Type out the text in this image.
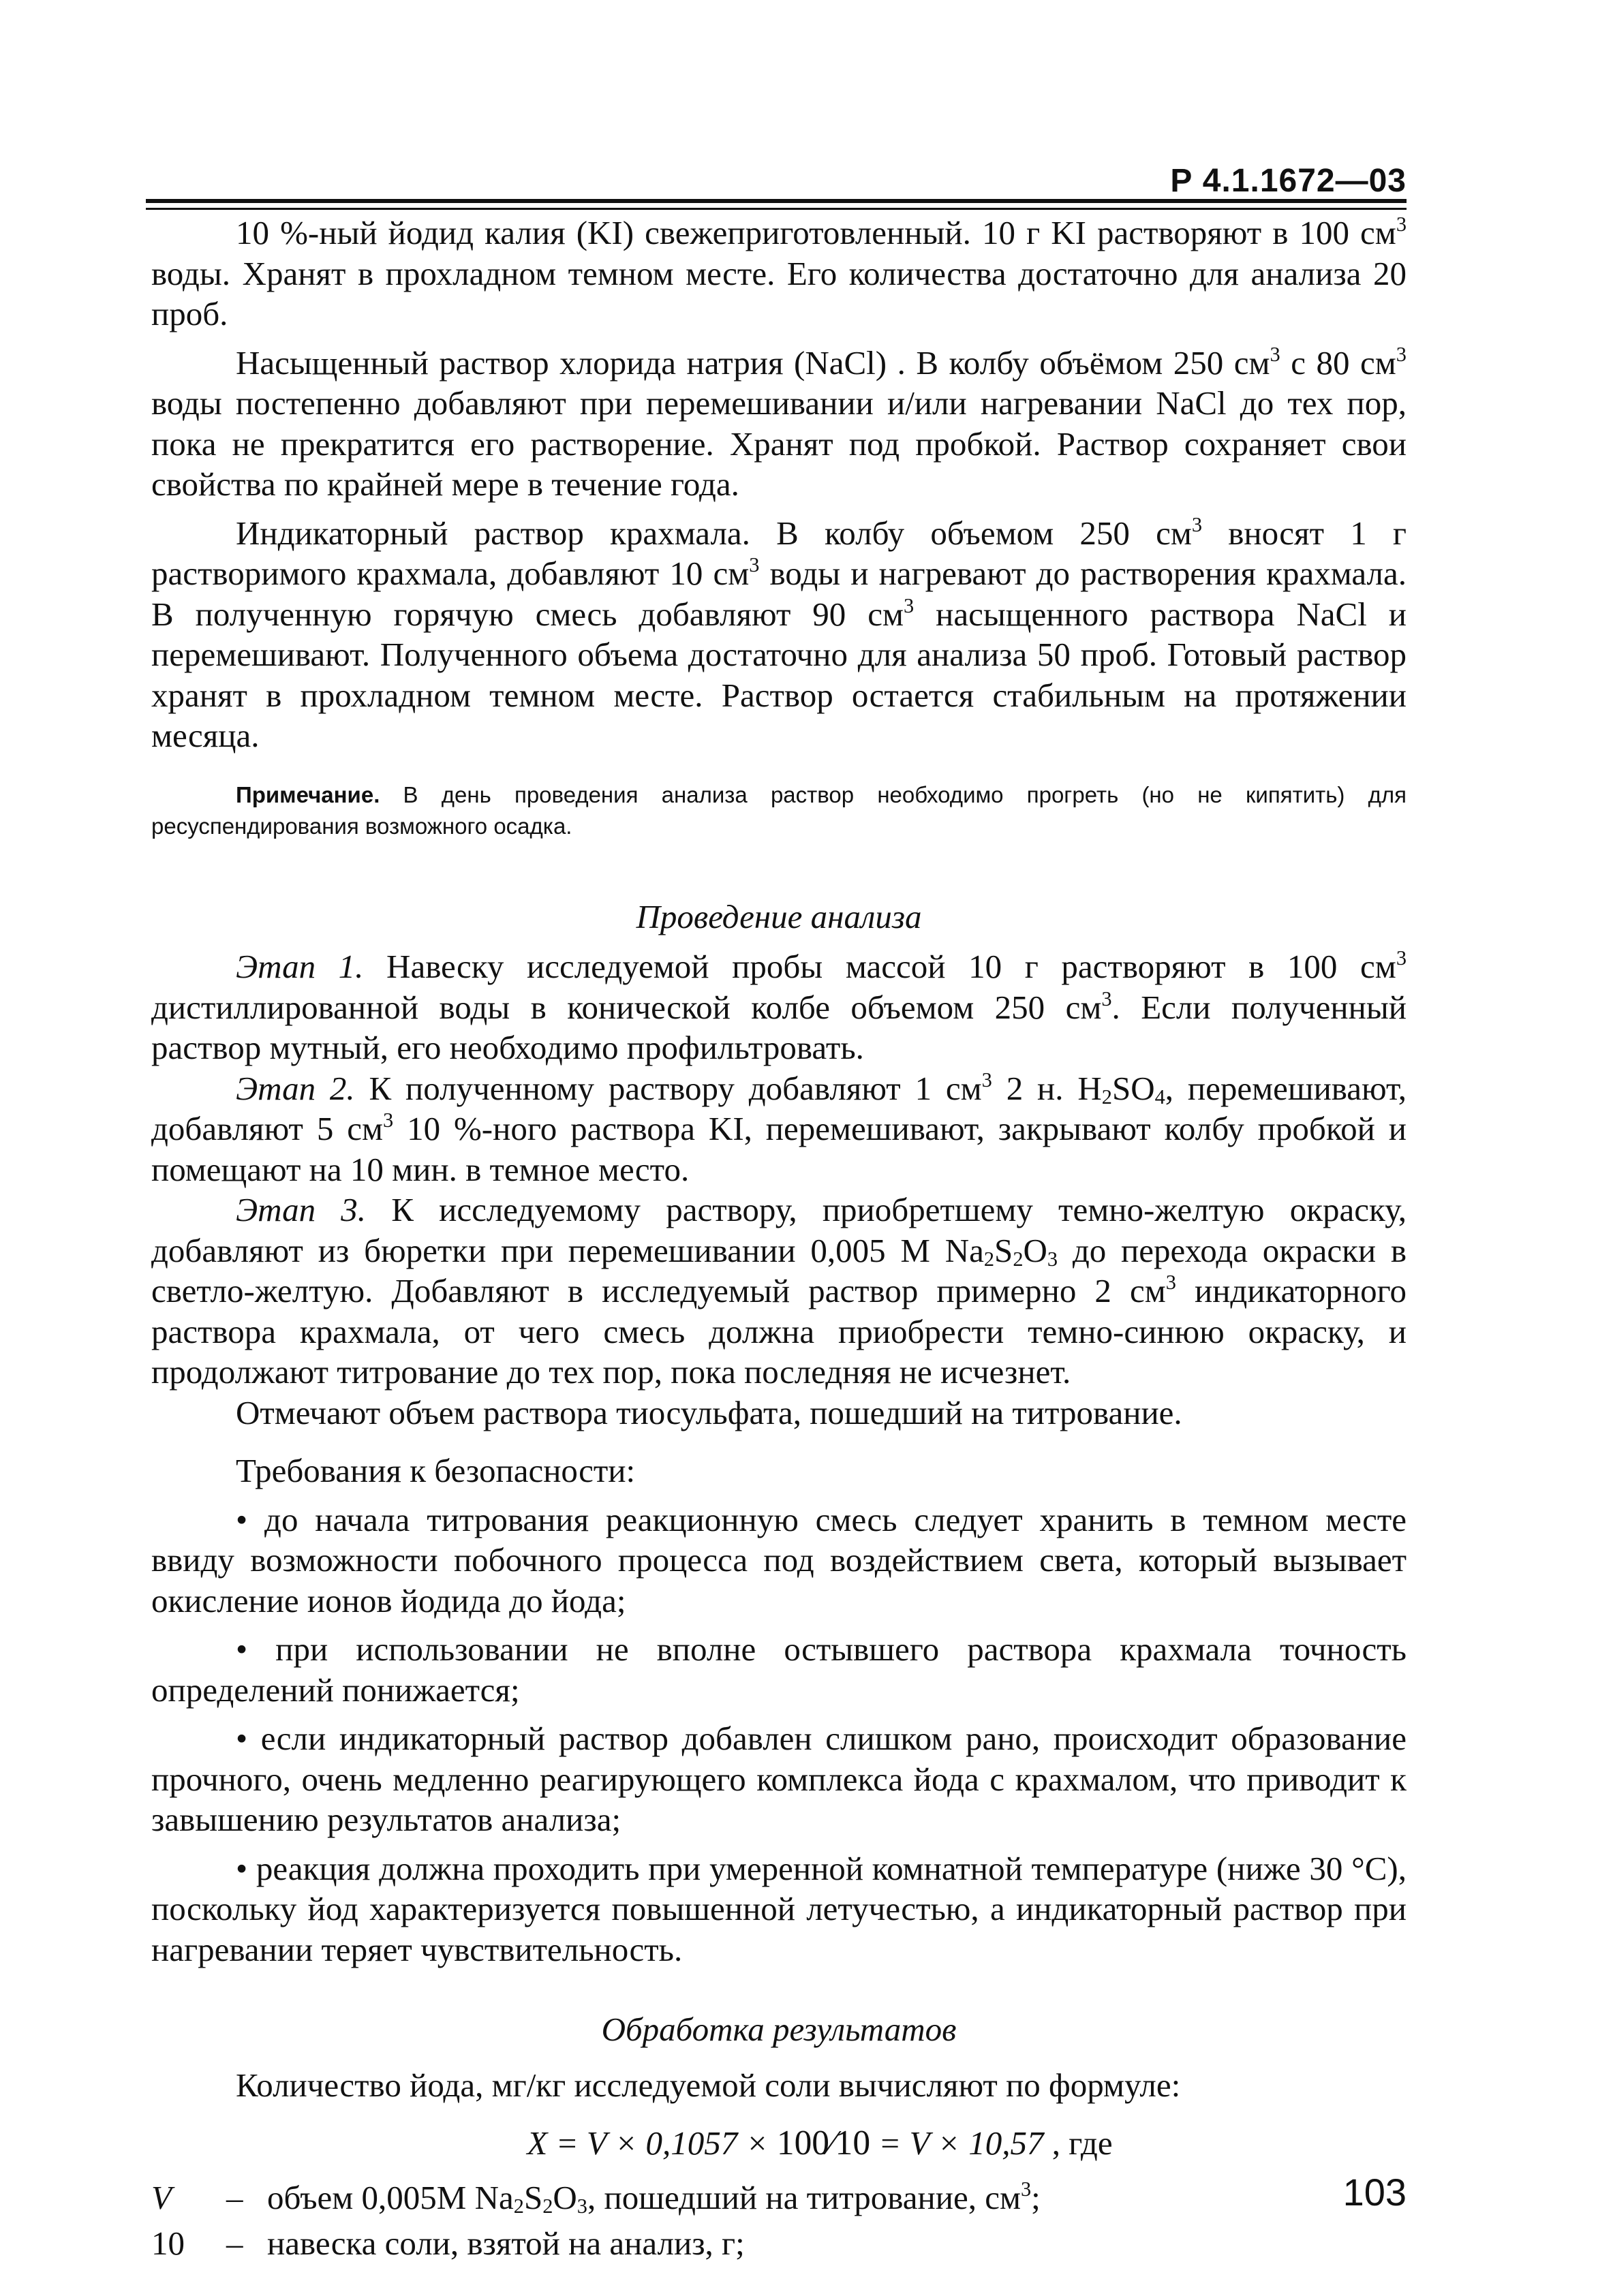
Р 4.1.1672—03

10 %-ный йодид калия (KI) свежеприготовленный. 10 г KI растворяют в 100 $см^3$ воды. Хранят в прохладном темном месте. Его количества достаточно для анализа 20 проб.

Насыщенный раствор хлорида натрия (NaCl) . В колбу объёмом 250 $см^3$ с 80 $см^3$ воды постепенно добавляют при перемешивании и/или нагревании NaCl до тех пор, пока не прекратится его растворение. Хранят под пробкой. Раствор сохраняет свои свойства по крайней мере в течение года.

Индикаторный раствор крахмала. В колбу объемом 250 $см^3$ вносят 1 г растворимого крахмала, добавляют 10 $см^3$ воды и нагревают до растворения крахмала. В полученную горячую смесь добавляют 90 $см^3$ насыщенного раствора NaCl и перемешивают. Полученного объема достаточно для анализа 50 проб. Готовый раствор хранят в прохладном темном месте. Раствор остается стабильным на протяжении месяца.

Примечание. В день проведения анализа раствор необходимо прогреть (но не кипятить) для ресуспендирования возможного осадка.

Проведение анализа

Этап 1. Навеску исследуемой пробы массой 10 г растворяют в 100 $см^3$ дистиллированной воды в конической колбе объемом 250 $см^3$. Если полученный раствор мутный, его необходимо профильтровать.

Этап 2. К полученному раствору добавляют 1 $см^3$ 2 н. $H_2SO_4$, перемешивают, добавляют 5 $см^3$ 10 %-ного раствора KI, перемешивают, закрывают колбу пробкой и помещают на 10 мин. в темное место.

Этап 3. К исследуемому раствору, приобретшему темно-желтую окраску, добавляют из бюретки при перемешивании 0,005 M $Na_2S_2O_3$ до перехода окраски в светло-желтую. Добавляют в исследуемый раствор примерно 2 $см^3$ индикаторного раствора крахмала, от чего смесь должна приобрести темно-синюю окраску, и продолжают титрование до тех пор, пока последняя не исчезнет.

Отмечают объем раствора тиосульфата, пошедший на титрование.

Требования к безопасности:

• до начала титрования реакционную смесь следует хранить в темном месте ввиду возможности побочного процесса под воздействием света, который вызывает окисление ионов йодида до йода;

• при использовании не вполне остывшего раствора крахмала точность определений понижается;

• если индикаторный раствор добавлен слишком рано, происходит образование прочного, очень медленно реагирующего комплекса йода с крахмалом, что приводит к завышению результатов анализа;

• реакция должна проходить при умеренной комнатной температуре (ниже 30 °C), поскольку йод характеризуется повышенной летучестью, а индикаторный раствор при нагревании теряет чувствительность.

Обработка результатов

Количество йода, мг/кг исследуемой соли вычисляют по формуле:

X = V × 0,1057 × 100⁄10 = V × 10,57 , где

V	– объем 0,005M $Na_2S_2O_3$, пошедший на титрование, $см^3$;

10	– навеска соли, взятой на анализ, г;

103
